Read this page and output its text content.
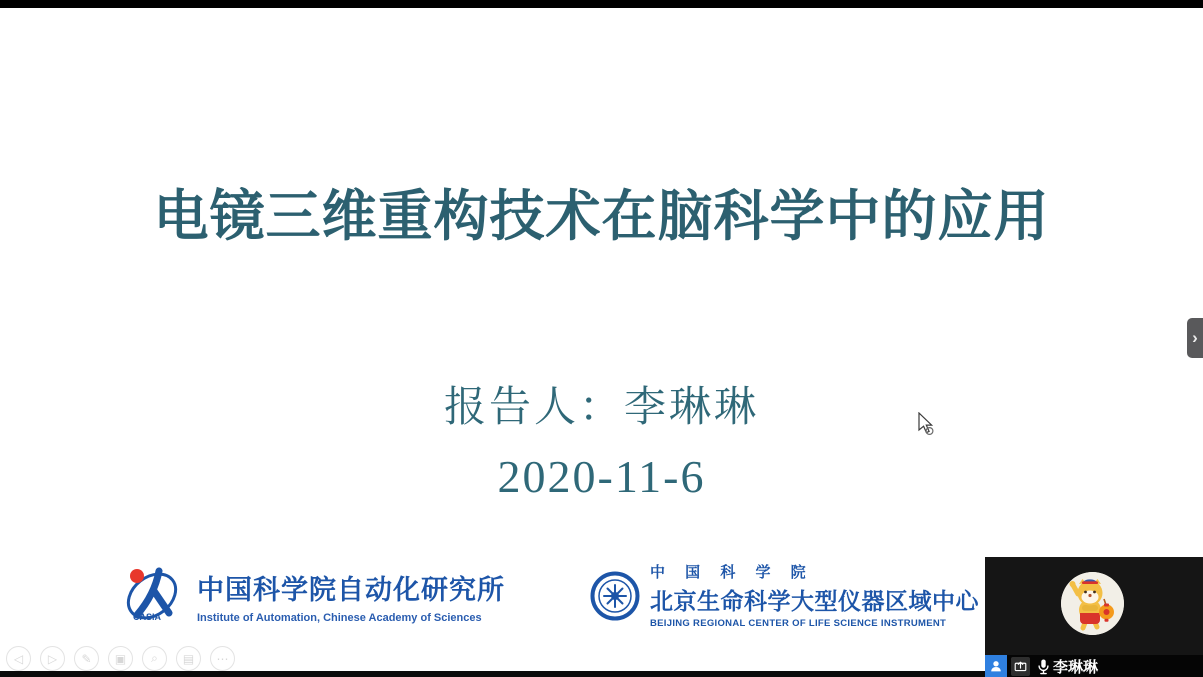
电镜三维重构技术在脑科学中的应用
报告人：李琳琳
2020-11-6
CASIA
中国科学院自动化研究所
Institute of Automation, Chinese Academy of Sciences
中 国 科 学 院
北京生命科学大型仪器区域中心
BEIJING REGIONAL CENTER OF LIFE SCIENCE INSTRUMENT
◁ ▷ ✎ ▣ ⌕ ▤ ⋯	李琳琳
›
